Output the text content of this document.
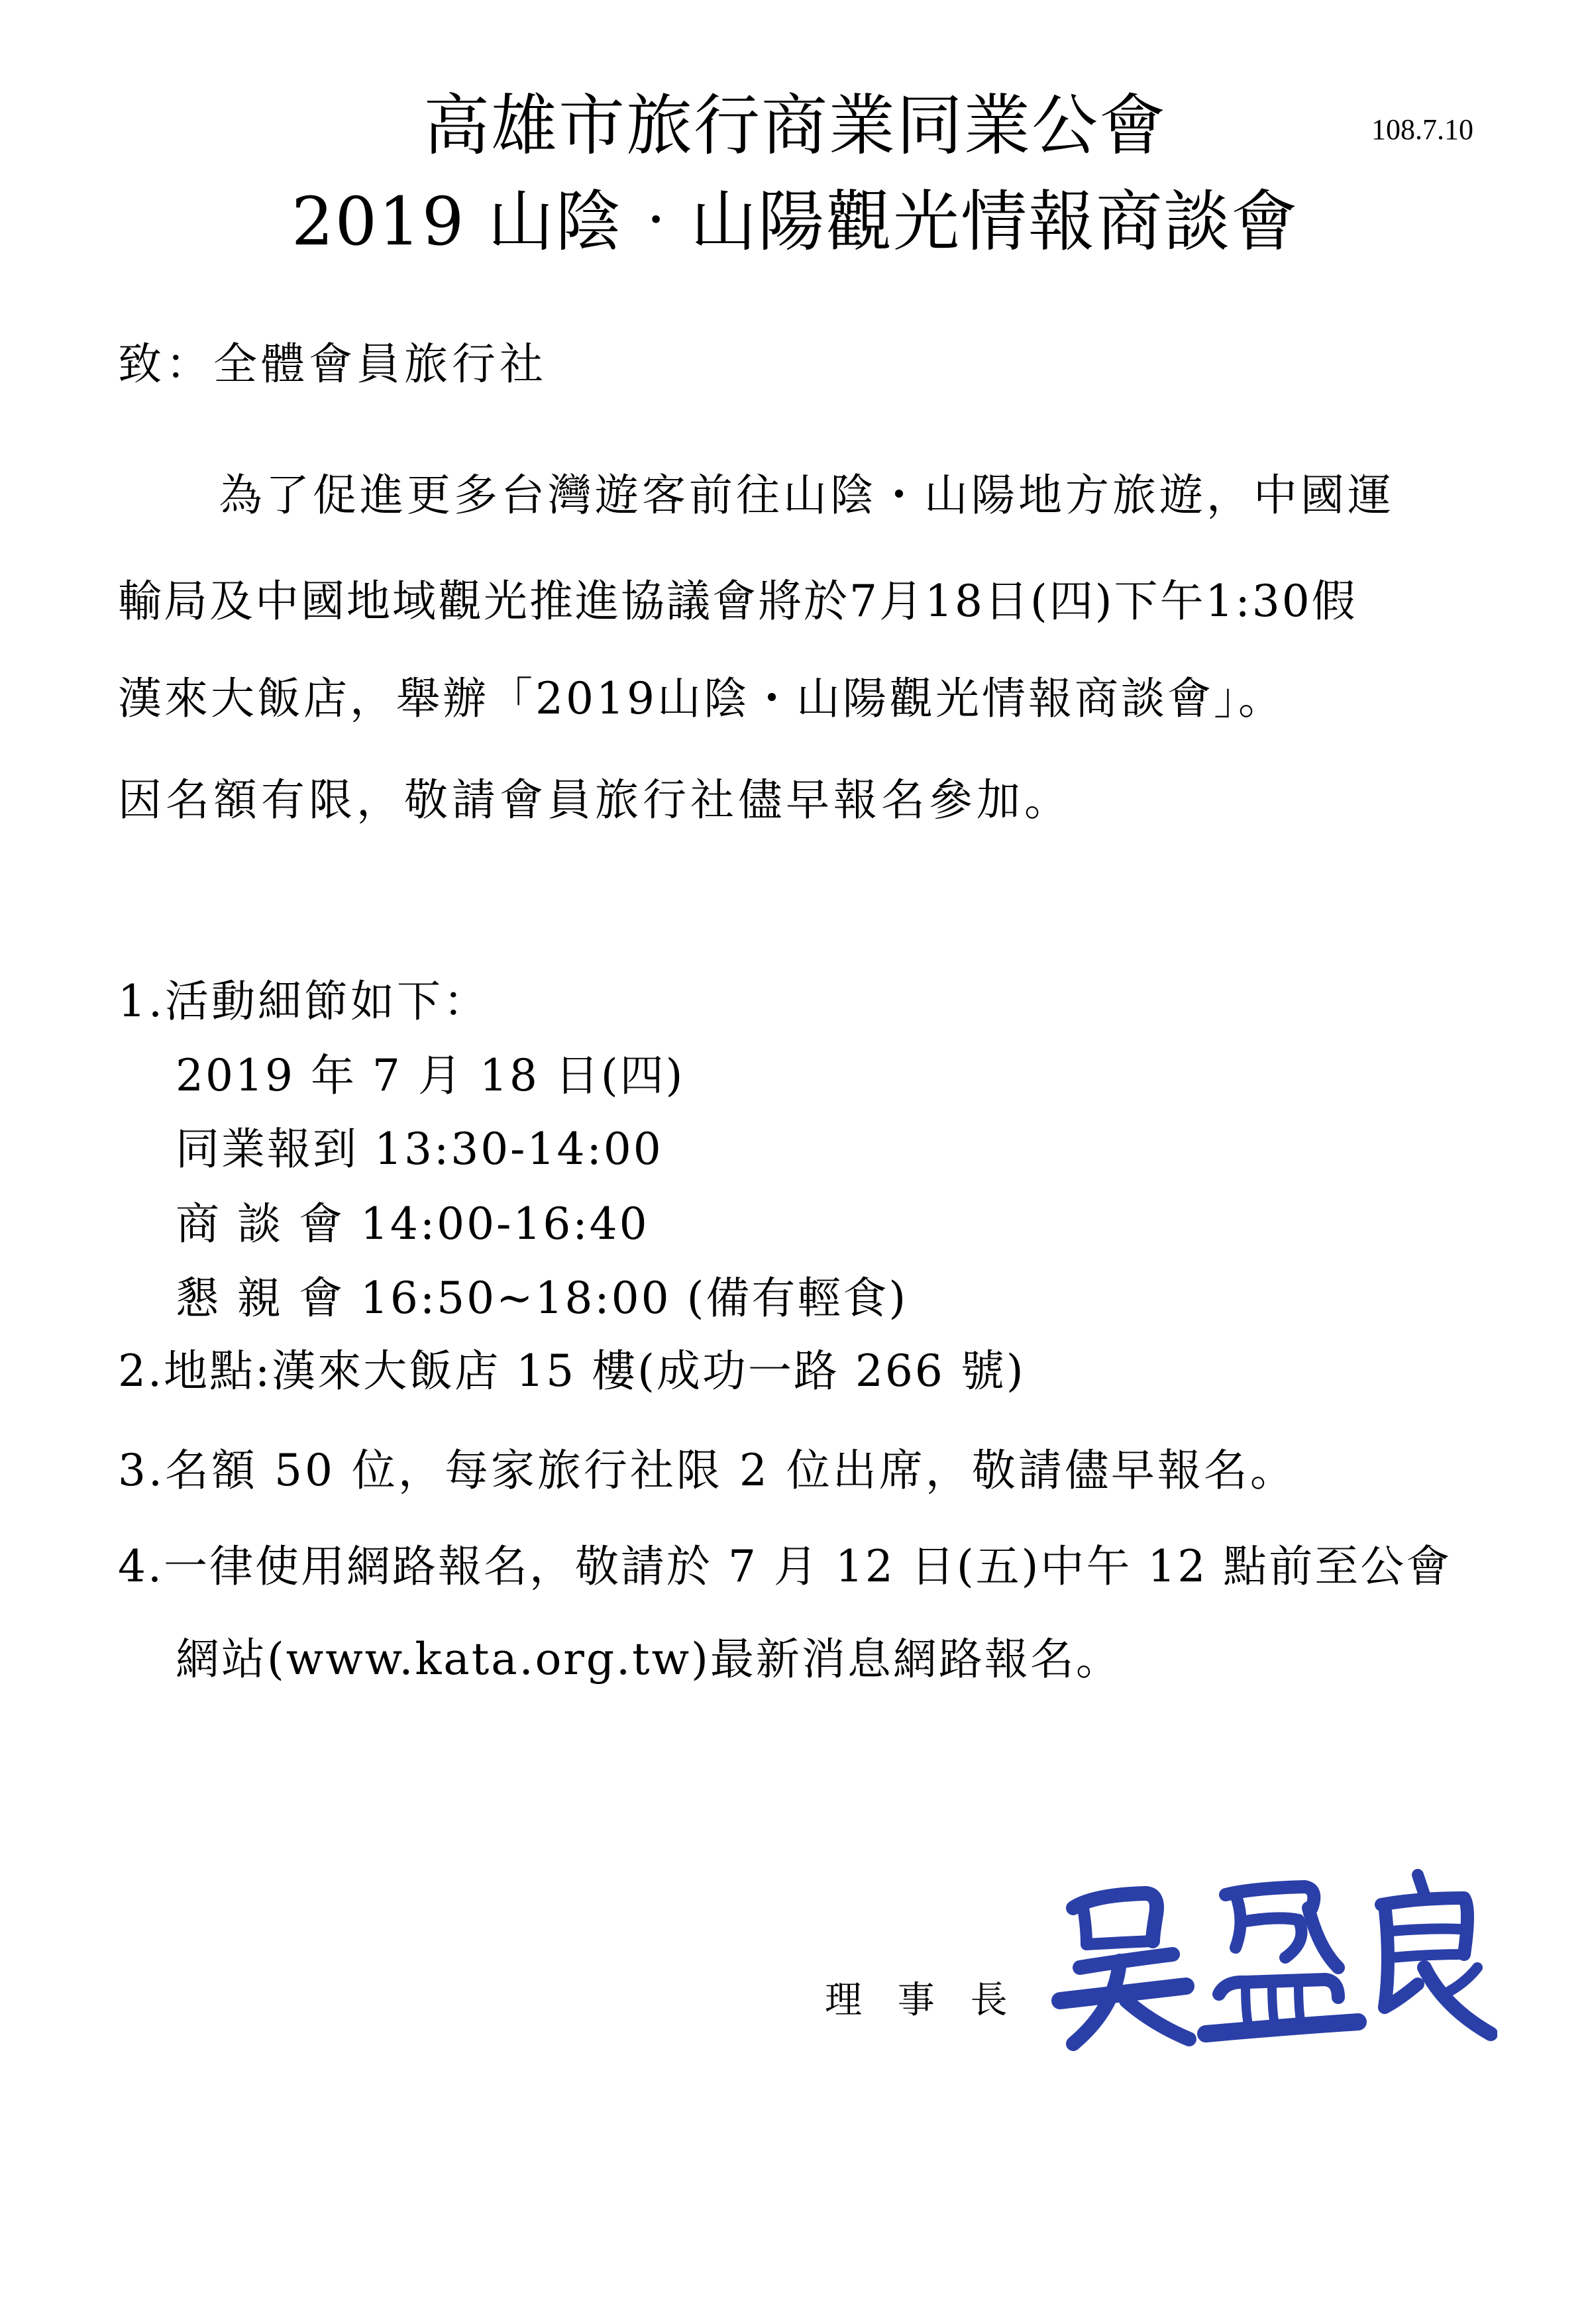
高雄市旅行商業同業公會
2019 山陰‧山陽觀光情報商談會
108.7.10
致：全體會員旅行社
為了促進更多台灣遊客前往山陰・山陽地方旅遊，中國運
輸局及中國地域觀光推進協議會將於7月18日(四)下午1:30假
漢來大飯店，舉辦「2019山陰・山陽觀光情報商談會」。
因名額有限，敬請會員旅行社儘早報名參加。
1.活動細節如下：
2019 年 7 月 18 日(四)
同業報到 13:30-14:00
商 談 會 14:00-16:40
懇 親 會 16:50~18:00 (備有輕食)
2.地點:漢來大飯店 15 樓(成功一路 266 號)
3.名額 50 位，每家旅行社限 2 位出席，敬請儘早報名。
4.一律使用網路報名，敬請於 7 月 12 日(五)中午 12 點前至公會
網站(www.kata.org.tw)最新消息網路報名。
理 事 長
